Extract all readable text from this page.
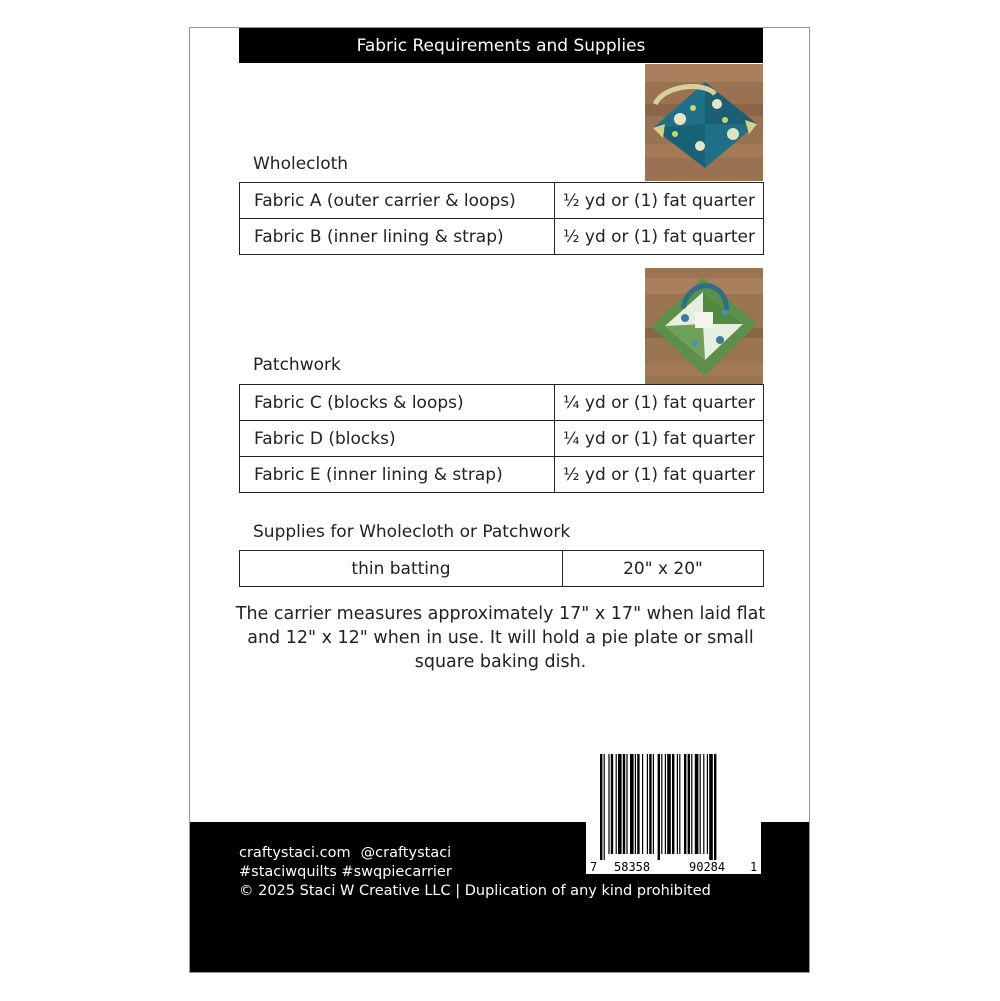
Fabric Requirements and Supplies
Wholecloth
Fabric A (outer carrier & loops)	½ yd or (1) fat quarter
Fabric B (inner lining & strap)	½ yd or (1) fat quarter
Patchwork
Fabric C (blocks & loops)	¼ yd or (1) fat quarter
Fabric D (blocks)	¼ yd or (1) fat quarter
Fabric E (inner lining & strap)	½ yd or (1) fat quarter
Supplies for Wholecloth or Patchwork
thin batting	20" x 20"
The carrier measures approximately 17" x 17" when laid flat
and 12" x 12" when in use. It will hold a pie plate or small
square baking dish.
craftystaci.com @craftystaci
#staciwquilts #swqpiecarrier
© 2025 Staci W Creative LLC | Duplication of any kind prohibited
7 58358	90284 1
